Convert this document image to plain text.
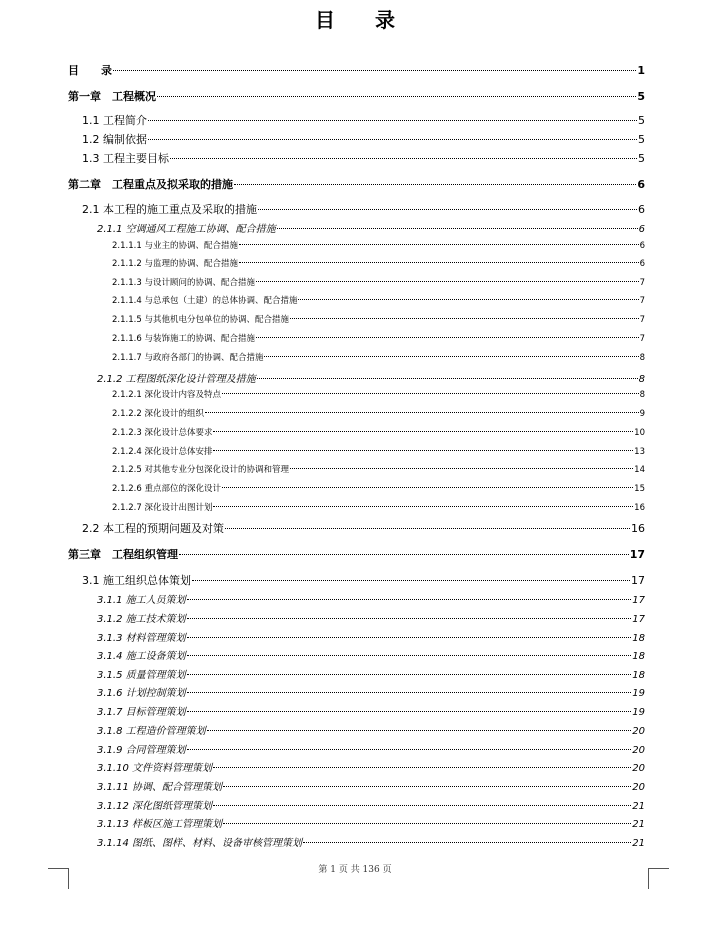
目　　录
目　　录	1
第一章　工程概况	5
1.1 工程简介	5
1.2 编制依据	5
1.3 工程主要目标	5
第二章　工程重点及拟采取的措施	6
2.1 本工程的施工重点及采取的措施	6
2.1.1 空调通风工程施工协调、配合措施	6
2.1.1.1 与业主的协调、配合措施	6
2.1.1.2 与监理的协调、配合措施	6
2.1.1.3 与设计顾问的协调、配合措施	7
2.1.1.4 与总承包（土建）的总体协调、配合措施	7
2.1.1.5 与其他机电分包单位的协调、配合措施	7
2.1.1.6 与装饰施工的协调、配合措施	7
2.1.1.7 与政府各部门的协调、配合措施	8
2.1.2 工程图纸深化设计管理及措施	8
2.1.2.1 深化设计内容及特点	8
2.1.2.2 深化设计的组织	9
2.1.2.3 深化设计总体要求	10
2.1.2.4 深化设计总体安排	13
2.1.2.5 对其他专业分包深化设计的协调和管理	14
2.1.2.6 重点部位的深化设计	15
2.1.2.7 深化设计出图计划	16
2.2 本工程的预期问题及对策	16
第三章　工程组织管理	17
3.1 施工组织总体策划	17
3.1.1 施工人员策划	17
3.1.2 施工技术策划	17
3.1.3 材料管理策划	18
3.1.4 施工设备策划	18
3.1.5 质量管理策划	18
3.1.6 计划控制策划	19
3.1.7 目标管理策划	19
3.1.8 工程造价管理策划	20
3.1.9 合同管理策划	20
3.1.10 文件资料管理策划	20
3.1.11 协调、配合管理策划	20
3.1.12 深化图纸管理策划	21
3.1.13 样板区施工管理策划	21
3.1.14 图纸、图样、材料、设备审核管理策划	21
第 1 页 共 136 页
